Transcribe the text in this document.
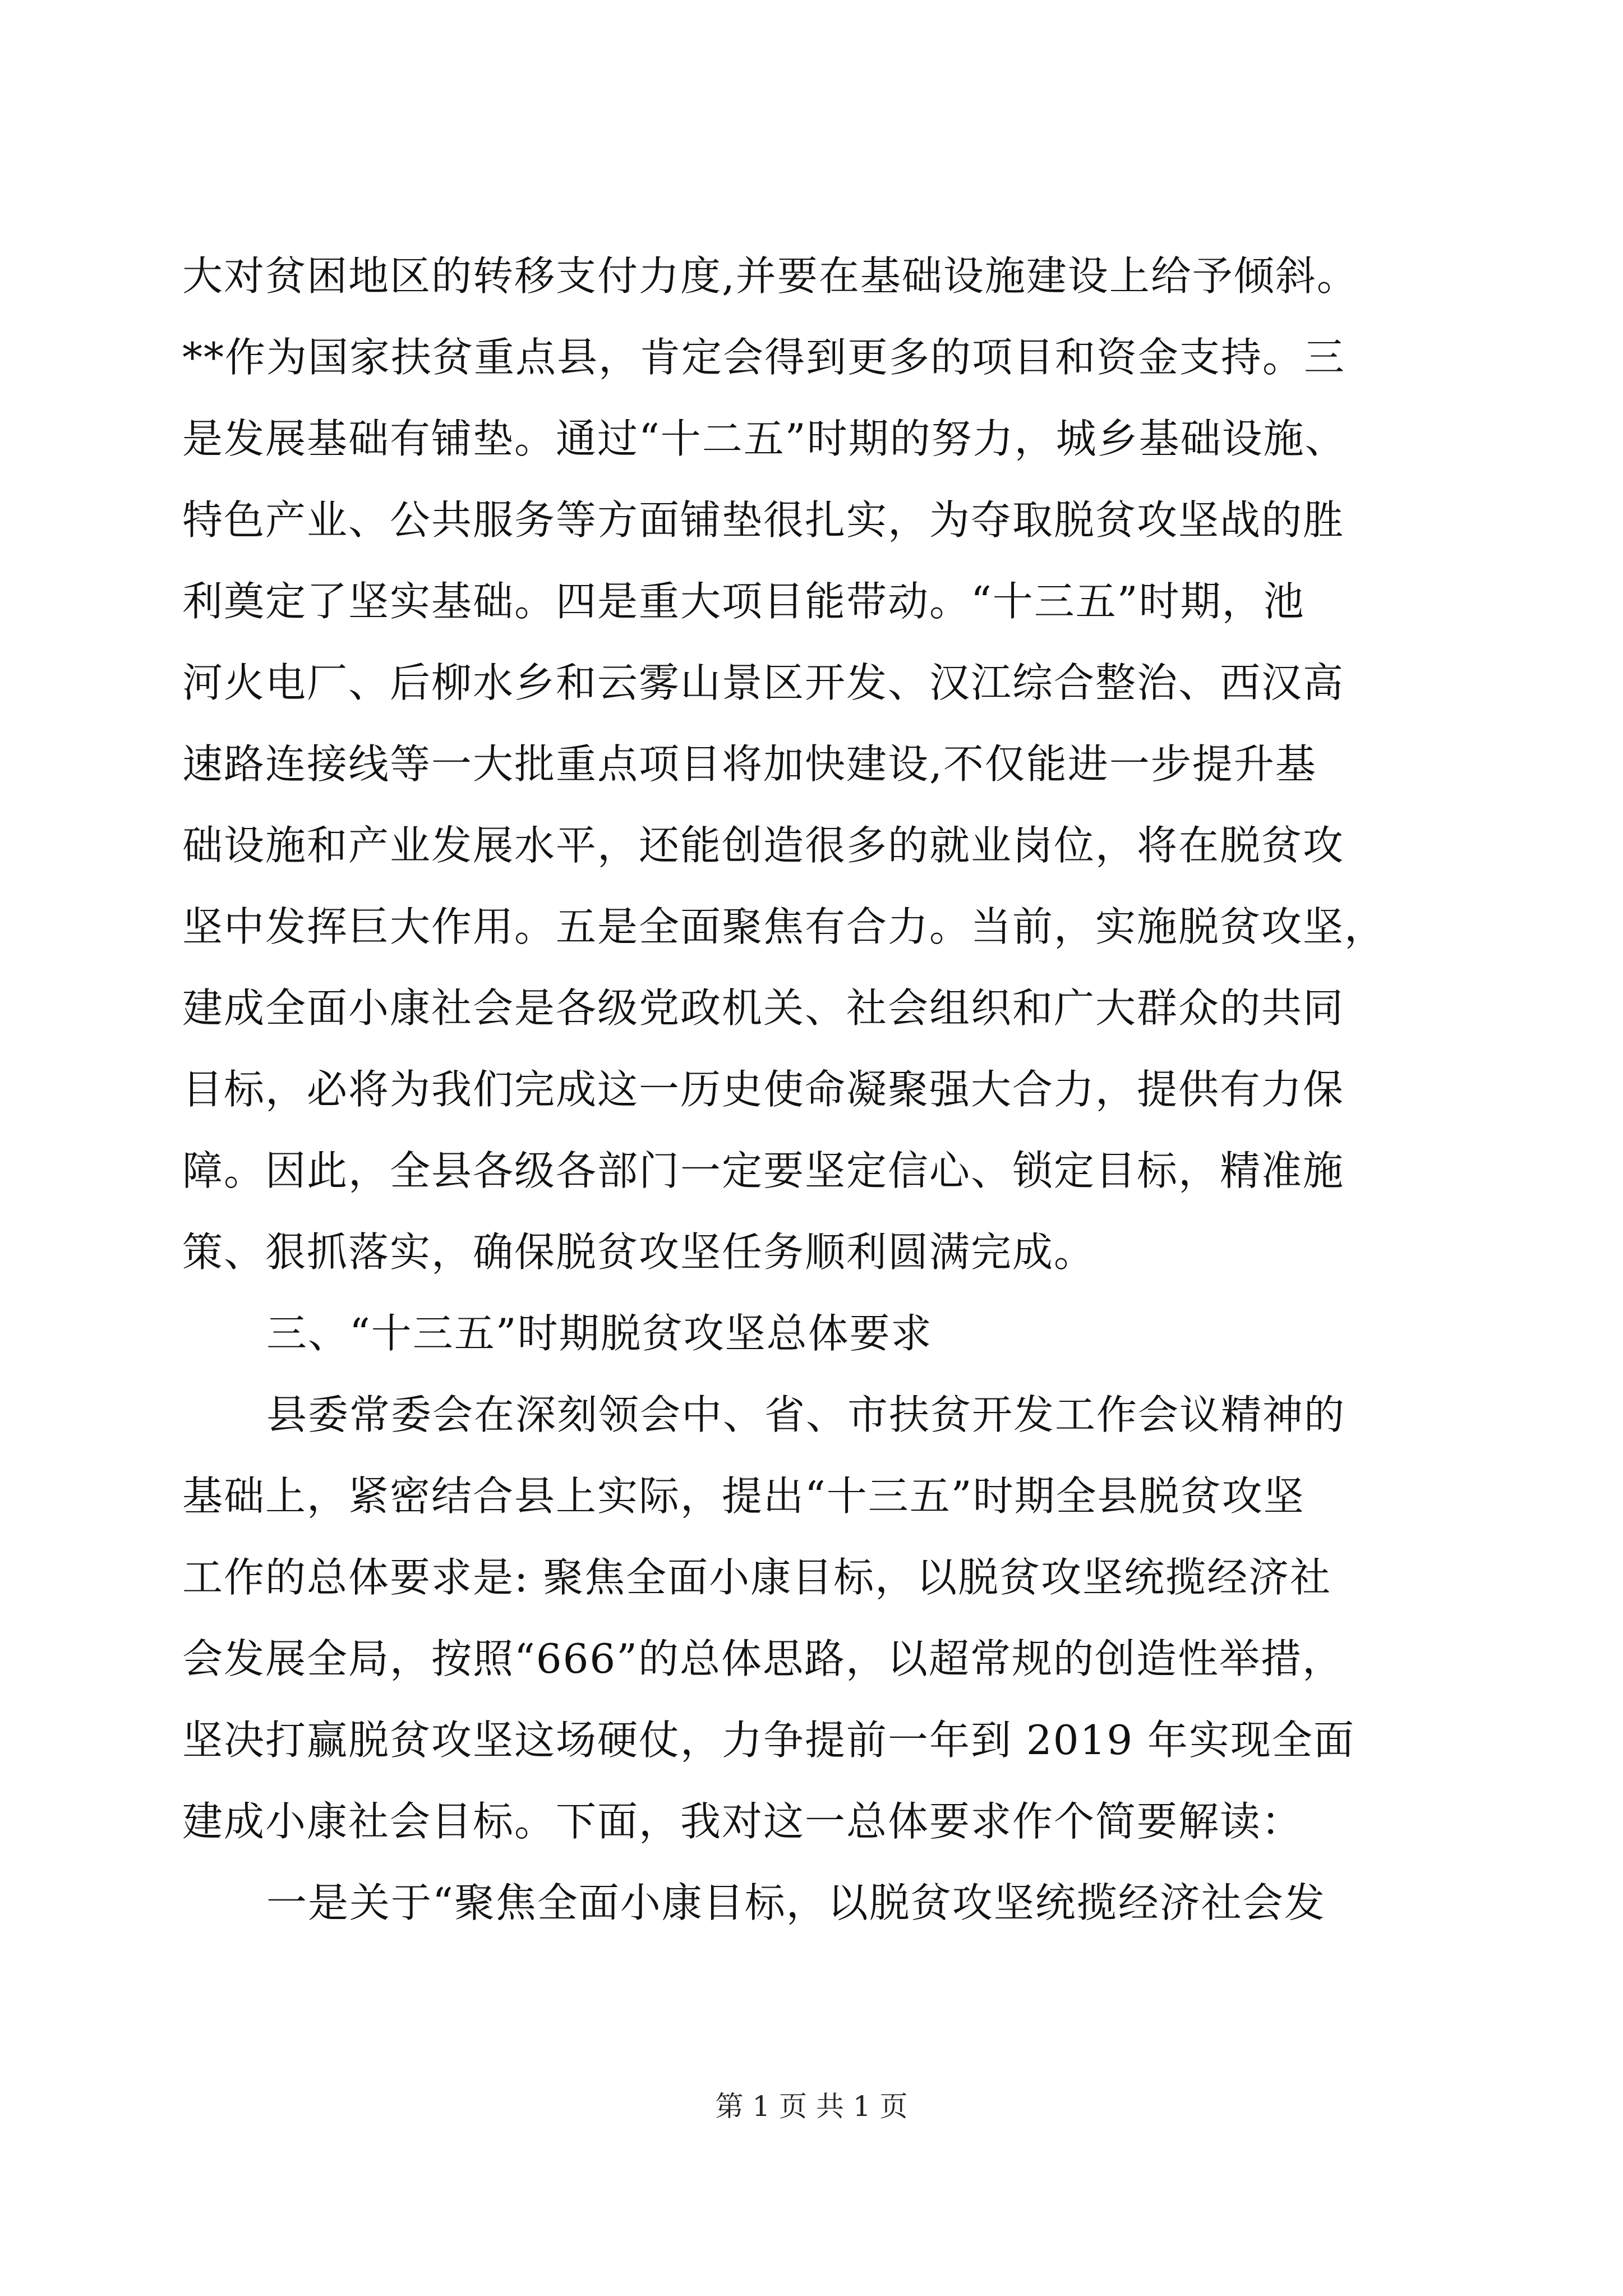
大对贫困地区的转移支付力度,并要在基础设施建设上给予倾斜。
**作为国家扶贫重点县，肯定会得到更多的项目和资金支持。三
是发展基础有铺垫。通过“十二五”时期的努力，城乡基础设施、
特色产业、公共服务等方面铺垫很扎实，为夺取脱贫攻坚战的胜
利奠定了坚实基础。四是重大项目能带动。“十三五”时期，池
河火电厂、后柳水乡和云雾山景区开发、汉江综合整治、西汉高
速路连接线等一大批重点项目将加快建设,不仅能进一步提升基
础设施和产业发展水平，还能创造很多的就业岗位，将在脱贫攻
坚中发挥巨大作用。五是全面聚焦有合力。当前，实施脱贫攻坚，
建成全面小康社会是各级党政机关、社会组织和广大群众的共同
目标，必将为我们完成这一历史使命凝聚强大合力，提供有力保
障。因此，全县各级各部门一定要坚定信心、锁定目标，精准施
策、狠抓落实，确保脱贫攻坚任务顺利圆满完成。
三、“十三五”时期脱贫攻坚总体要求
县委常委会在深刻领会中、省、市扶贫开发工作会议精神的
基础上，紧密结合县上实际，提出“十三五”时期全县脱贫攻坚
工作的总体要求是: 聚焦全面小康目标，以脱贫攻坚统揽经济社
会发展全局，按照“666”的总体思路，以超常规的创造性举措，
坚决打赢脱贫攻坚这场硬仗，力争提前一年到 2019 年实现全面
建成小康社会目标。下面，我对这一总体要求作个简要解读：
一是关于“聚焦全面小康目标，以脱贫攻坚统揽经济社会发
第 1 页 共 1 页
